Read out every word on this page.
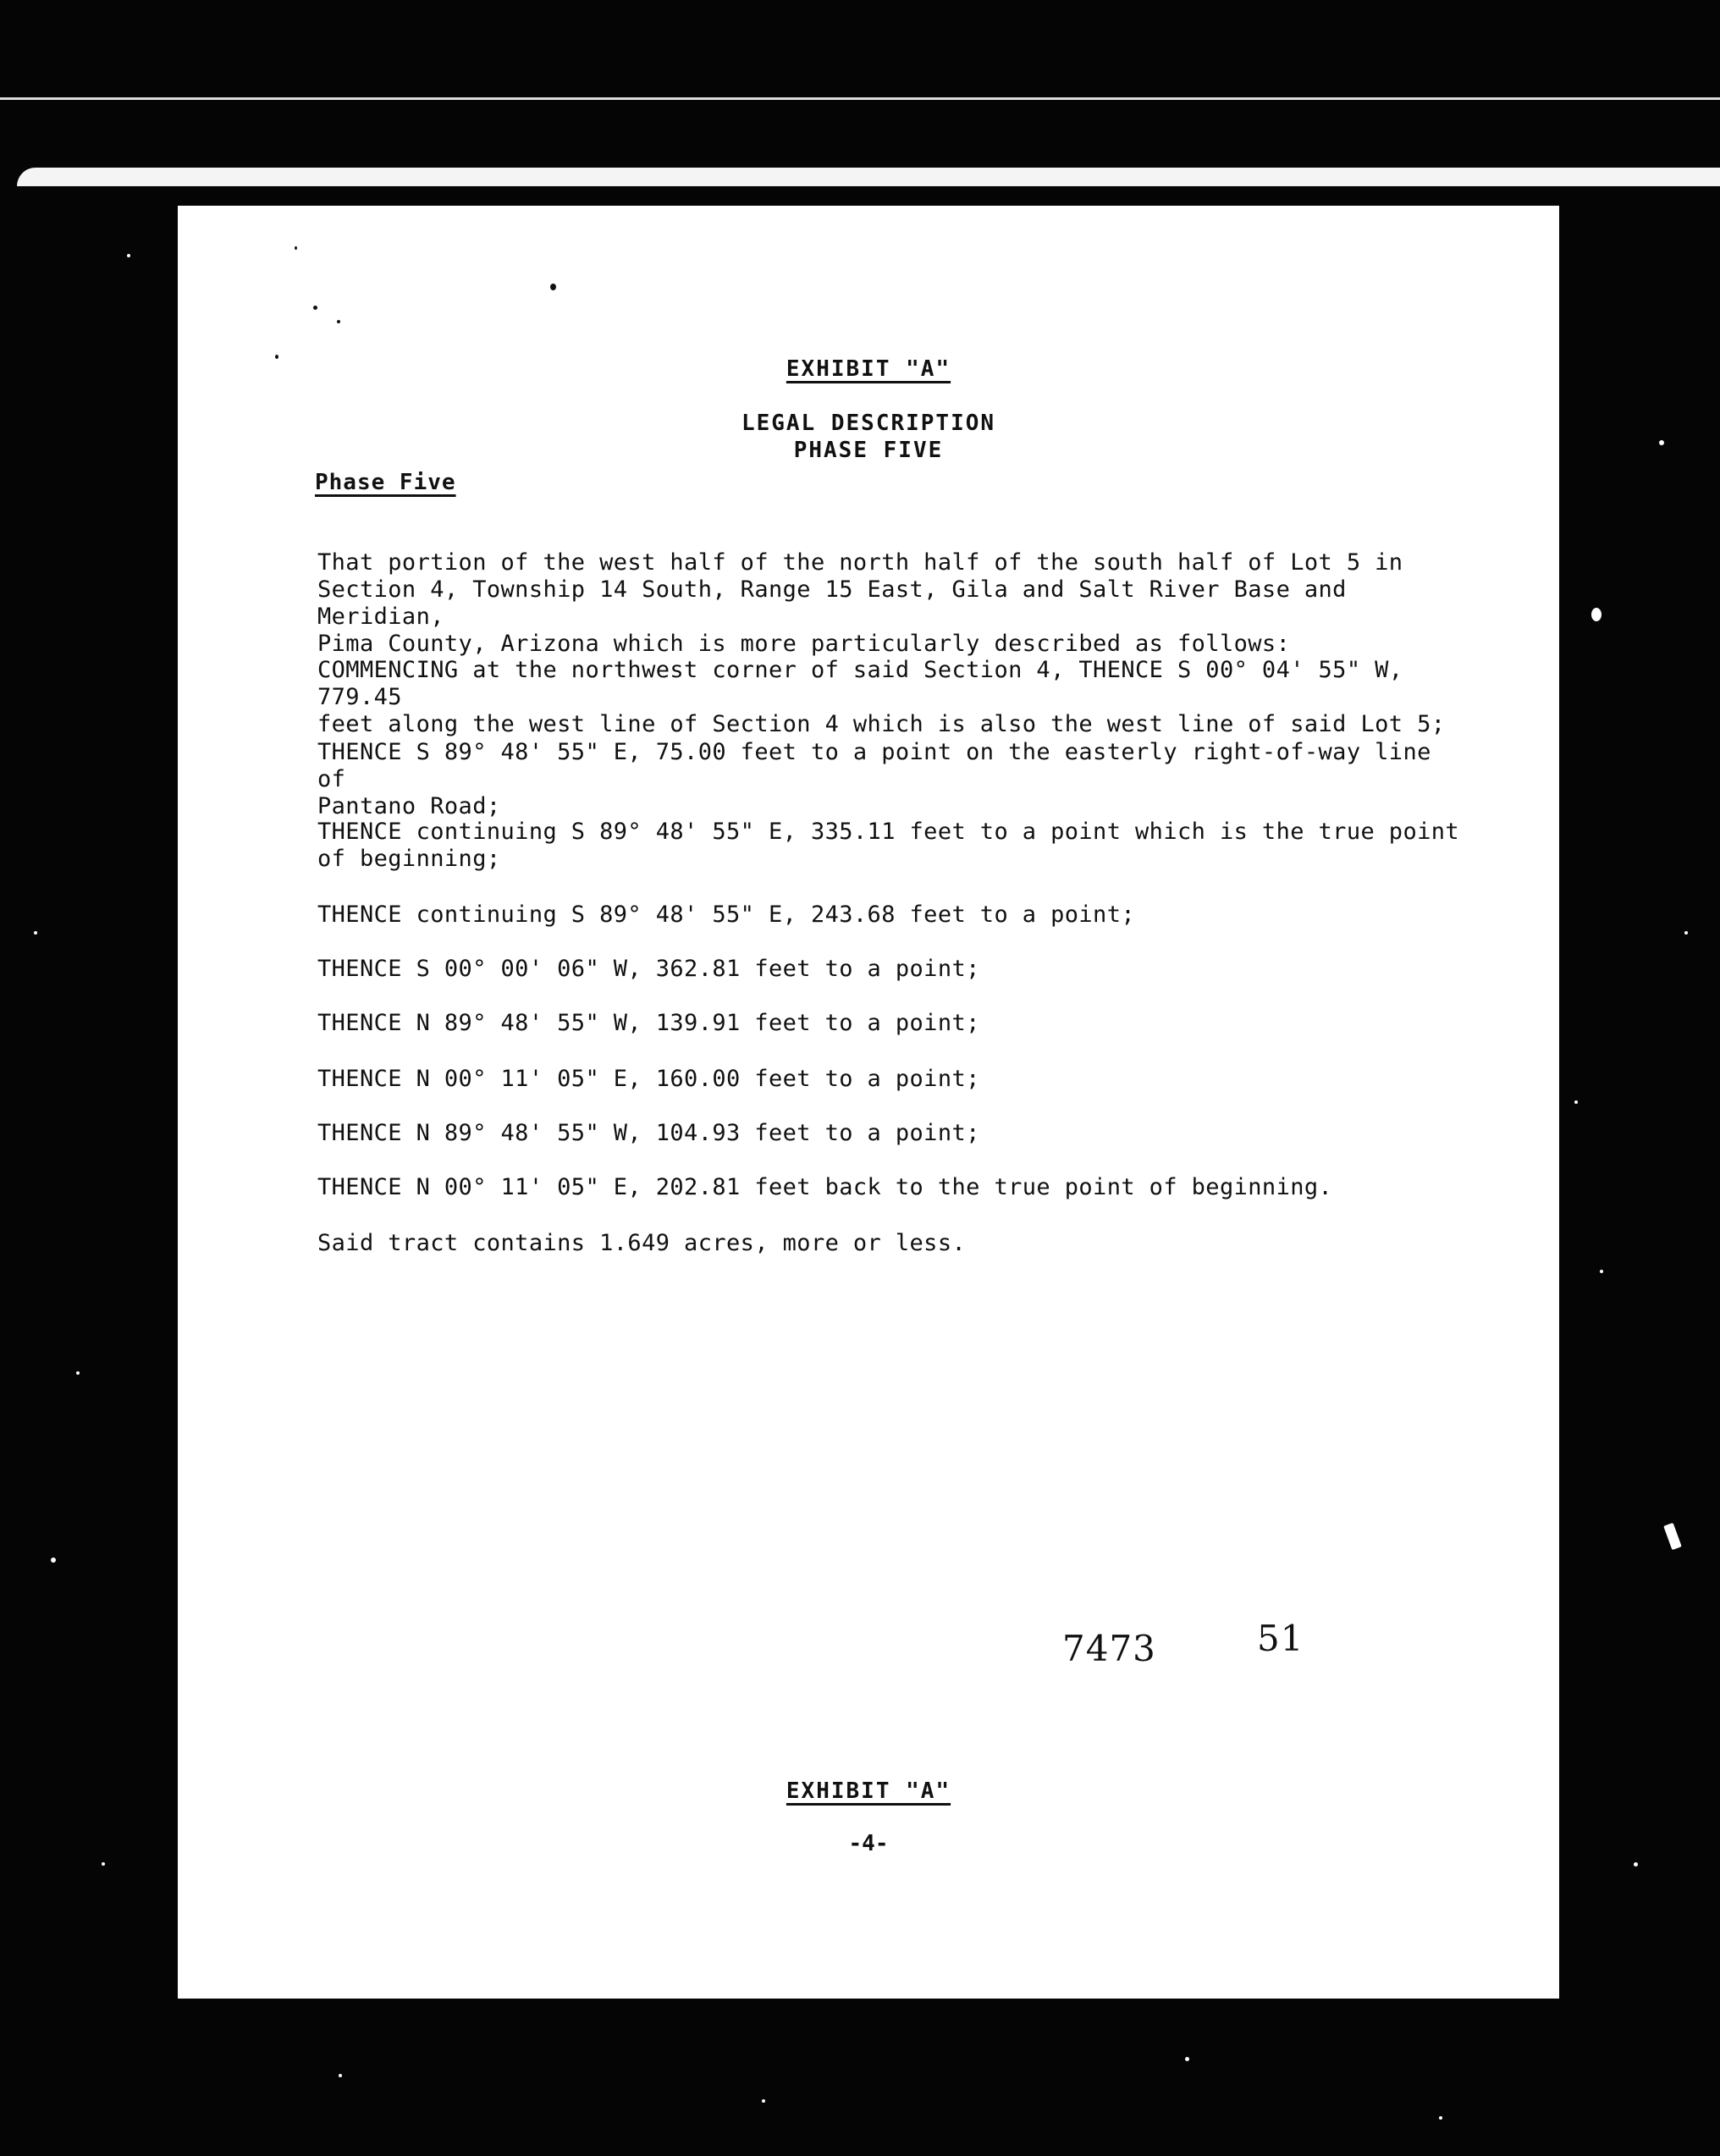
EXHIBIT "A"
LEGAL DESCRIPTION
PHASE FIVE
Phase Five
That portion of the west half of the north half of the south half of Lot 5 in
Section 4, Township 14 South, Range 15 East, Gila and Salt River Base and Meridian,
Pima County, Arizona which is more particularly described as follows:
COMMENCING at the northwest corner of said Section 4, THENCE S 00° 04' 55" W, 779.45
feet along the west line of Section 4 which is also the west line of said Lot 5;
THENCE S 89° 48' 55" E, 75.00 feet to a point on the easterly right-of-way line of
Pantano Road;
THENCE continuing S 89° 48' 55" E, 335.11 feet to a point which is the true point
of beginning;
THENCE continuing S 89° 48' 55" E, 243.68 feet to a point;
THENCE S 00° 00' 06" W, 362.81 feet to a point;
THENCE N 89° 48' 55" W, 139.91 feet to a point;
THENCE N 00° 11' 05" E, 160.00 feet to a point;
THENCE N 89° 48' 55" W, 104.93 feet to a point;
THENCE N 00° 11' 05" E, 202.81 feet back to the true point of beginning.
Said tract contains 1.649 acres, more or less.
7473	51
EXHIBIT "A"
-4-
